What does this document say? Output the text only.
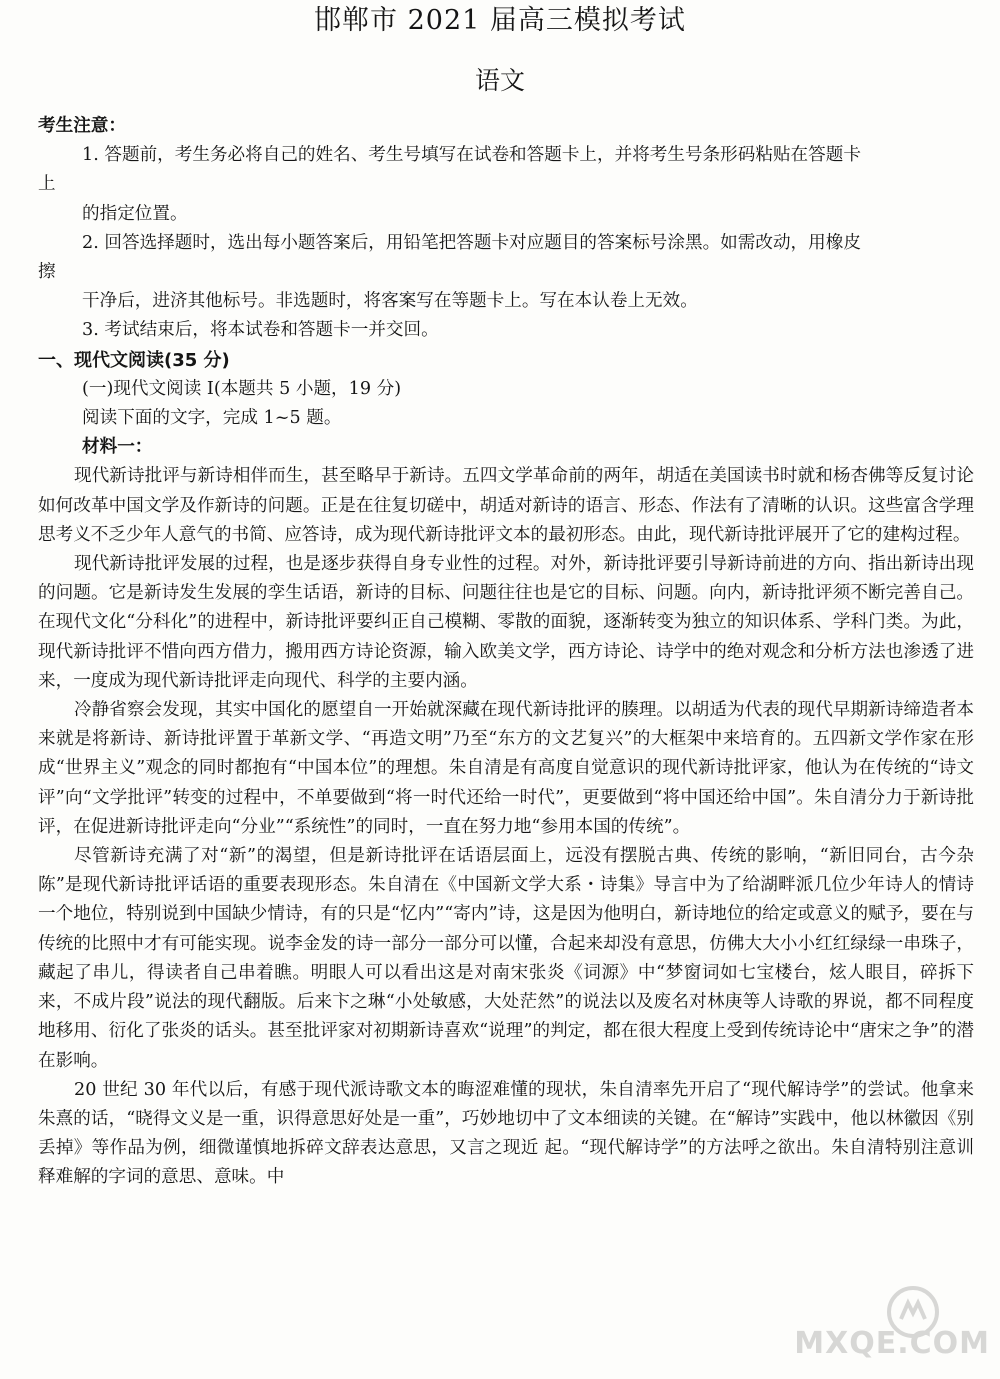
邯郸市 2021 届高三模拟考试
语文

考生注意：

1. 答题前，考生务必将自己的姓名、考生号填写在试卷和答题卡上，并将考生号条形码粘贴在答题卡

上

的指定位置。

2. 回答选择题时，选出每小题答案后，用铅笔把答题卡对应题目的答案标号涂黑。如需改动，用橡皮

擦

干净后，进济其他标号。非选题时，将客案写在等题卡上。写在本认卷上无效。

3. 考试结束后，将本试卷和答题卡一并交回。

一、现代文阅读(35 分)

(一)现代文阅读 I(本题共 5 小题，19 分)

阅读下面的文字，完成 1~5 题。

材料一：

现代新诗批评与新诗相伴而生，甚至略早于新诗。五四文学革命前的两年，胡适在美国读书时就和杨杏佛等反复讨论如何改革中国文学及作新诗的问题。正是在往复切磋中，胡适对新诗的语言、形态、作法有了清晰的认识。这些富含学理思考义不乏少年人意气的书简、应答诗，成为现代新诗批评文本的最初形态。由此，现代新诗批评展开了它的建构过程。

现代新诗批评发展的过程，也是逐步获得自身专业性的过程。对外，新诗批评要引导新诗前进的方向、指出新诗出现的问题。它是新诗发生发展的孪生话语，新诗的目标、问题往往也是它的目标、问题。向内，新诗批评须不断完善自己。在现代文化“分科化”的进程中，新诗批评要纠正自己模糊、零散的面貌，逐渐转变为独立的知识体系、学科门类。为此，现代新诗批评不惜向西方借力，搬用西方诗论资源，输入欧美文学，西方诗论、诗学中的绝对观念和分析方法也渗透了进来，一度成为现代新诗批评走向现代、科学的主要内涵。

冷静省察会发现，其实中国化的愿望自一开始就深藏在现代新诗批评的腠理。以胡适为代表的现代早期新诗缔造者本来就是将新诗、新诗批评置于革新文学、“再造文明”乃至“东方的文艺复兴”的大框架中来培育的。五四新文学作家在形成“世界主义”观念的同时都抱有“中国本位”的理想。朱自清是有高度自觉意识的现代新诗批评家，他认为在传统的“诗文评”向“文学批评”转变的过程中，不单要做到“将一时代还给一时代”，更要做到“将中国还给中国”。朱自清分力于新诗批评，在促进新诗批评走向“分业”“系统性”的同时，一直在努力地“参用本国的传统”。

尽管新诗充满了对“新”的渴望，但是新诗批评在话语层面上，远没有摆脱古典、传统的影响，“新旧同台，古今杂陈”是现代新诗批评话语的重要表现形态。朱自清在《中国新文学大系・诗集》导言中为了给湖畔派几位少年诗人的情诗一个地位，特别说到中国缺少情诗，有的只是“忆内”“寄内”诗，这是因为他明白，新诗地位的给定或意义的赋予，要在与传统的比照中才有可能实现。说李金发的诗一部分一部分可以懂，合起来却没有意思，仿佛大大小小红红绿绿一串珠子，藏起了串儿，得读者自己串着瞧。明眼人可以看出这是对南宋张炎《词源》中“梦窗词如七宝楼台，炫人眼目，碎拆下来，不成片段”说法的现代翻版。后来卞之琳“小处敏感，大处茫然”的说法以及废名对林庚等人诗歌的界说，都不同程度地移用、衍化了张炎的话头。甚至批评家对初期新诗喜欢“说理”的判定，都在很大程度上受到传统诗论中“唐宋之争”的潜在影响。

20 世纪 30 年代以后，有感于现代派诗歌文本的晦涩难懂的现状，朱自清率先开启了“现代解诗学”的尝试。他拿来朱熹的话，“晓得文义是一重，识得意思好处是一重”，巧妙地切中了文本细读的关键。在“解诗”实践中，他以林徽因《别丢掉》等作品为例，细微谨慎地拆碎文辞表达意思，又言之现近 起。“现代解诗学”的方法呼之欲出。朱自清特别注意训释难解的字词的意思、意味。中

MXQE.COM
